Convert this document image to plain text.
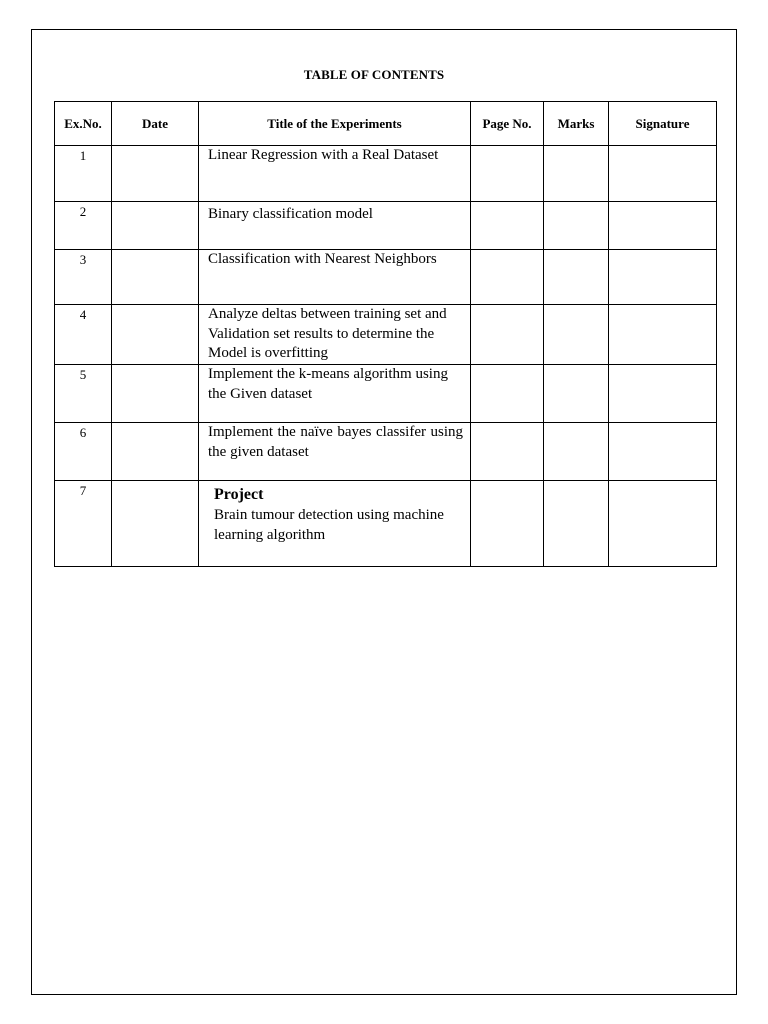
TABLE OF CONTENTS
Ex.No.	Date	Title of the Experiments	Page No.	Marks	Signature
1		Linear Regression with a Real Dataset			
2		Binary classification model			
3		Classification with Nearest Neighbors			
4		Analyze deltas between training set and Validation set results to determine the Model is overfitting			
5		Implement the k-means algorithm using the Given dataset			
6		Implement the naïve bayes classifer using the given dataset			
7		Project
Brain tumour detection using machine learning algorithm			
